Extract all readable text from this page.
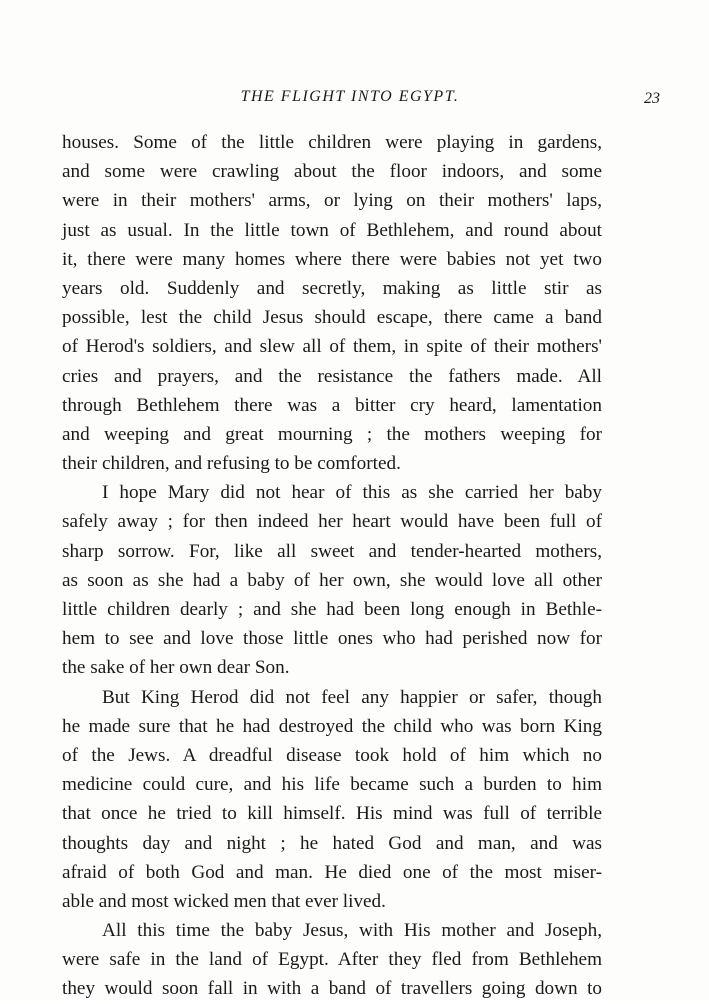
THE FLIGHT INTO EGYPT.	23
houses. Some of the little children were playing in gardens,
and some were crawling about the floor indoors, and some
were in their mothers' arms, or lying on their mothers' laps,
just as usual. In the little town of Bethlehem, and round about
it, there were many homes where there were babies not yet two
years old. Suddenly and secretly, making as little stir as
possible, lest the child Jesus should escape, there came a band
of Herod's soldiers, and slew all of them, in spite of their mothers'
cries and prayers, and the resistance the fathers made. All
through Bethlehem there was a bitter cry heard, lamentation
and weeping and great mourning ; the mothers weeping for
their children, and refusing to be comforted.
I hope Mary did not hear of this as she carried her baby
safely away ; for then indeed her heart would have been full of
sharp sorrow. For, like all sweet and tender-hearted mothers,
as soon as she had a baby of her own, she would love all other
little children dearly ; and she had been long enough in Bethle-
hem to see and love those little ones who had perished now for
the sake of her own dear Son.
But King Herod did not feel any happier or safer, though
he made sure that he had destroyed the child who was born King
of the Jews. A dreadful disease took hold of him which no
medicine could cure, and his life became such a burden to him
that once he tried to kill himself. His mind was full of terrible
thoughts day and night ; he hated God and man, and was
afraid of both God and man. He died one of the most miser-
able and most wicked men that ever lived.
All this time the baby Jesus, with His mother and Joseph,
were safe in the land of Egypt. After they fled from Bethlehem
they would soon fall in with a band of travellers going down to
